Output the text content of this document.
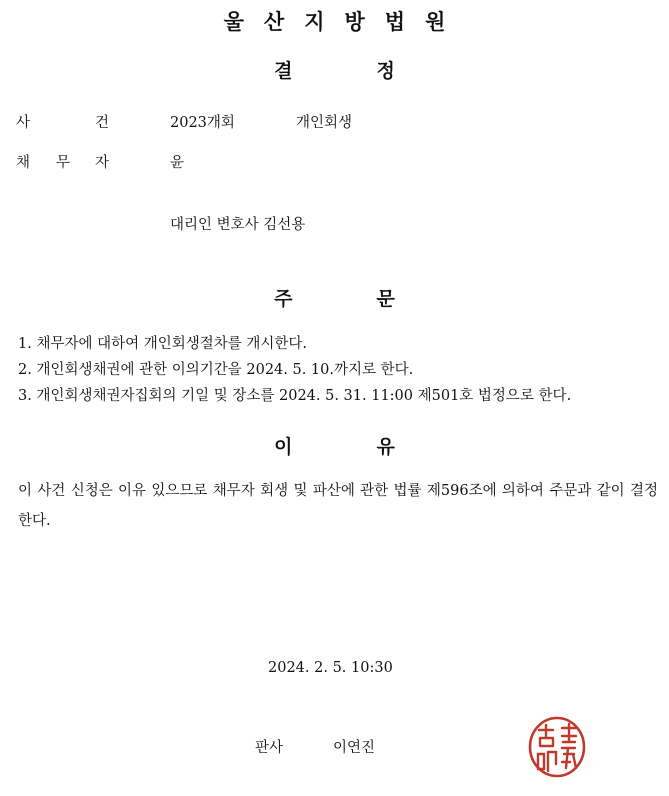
울 산 지 방 법 원
결	정
사	건	2023개회	개인회생
채 무 자	윤
대리인 변호사 김선용
주	문
1. 채무자에 대하여 개인회생절차를 개시한다.
2. 개인회생채권에 관한 이의기간을 2024. 5. 10.까지로 한다.
3. 개인회생채권자집회의 기일 및 장소를 2024. 5. 31. 11:00 제501호 법정으로 한다.
이	유
이 사건 신청은 이유 있으므로 채무자 회생 및 파산에 관한 법률 제596조에 의하여 주문과 같이 결정한다.
2024. 2. 5. 10:30
판사	이연진
